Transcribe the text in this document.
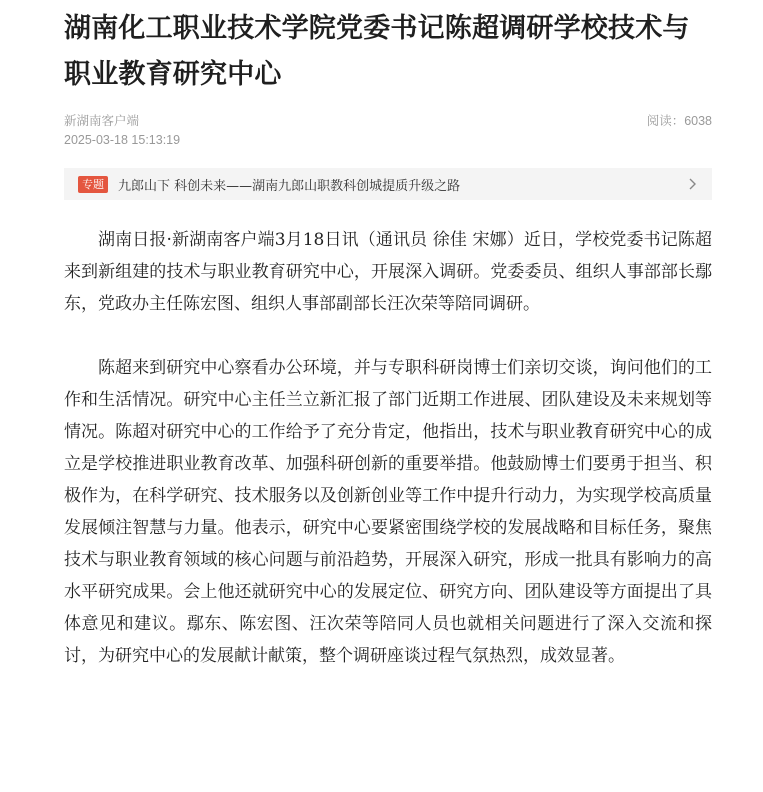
湖南化工职业技术学院党委书记陈超调研学校技术与职业教育研究中心
新湖南客户端
2025-03-18 15:13:19
阅读：6038
专题	九郎山下 科创未来——湖南九郎山职教科创城提质升级之路

湖南日报·新湖南客户端3月18日讯（通讯员 徐佳 宋娜）近日，学校党委书记陈超来到新组建的技术与职业教育研究中心，开展深入调研。党委委员、组织人事部部长鄢东，党政办主任陈宏图、组织人事部副部长汪次荣等陪同调研。

陈超来到研究中心察看办公环境，并与专职科研岗博士们亲切交谈，询问他们的工作和生活情况。研究中心主任兰立新汇报了部门近期工作进展、团队建设及未来规划等情况。陈超对研究中心的工作给予了充分肯定，他指出，技术与职业教育研究中心的成立是学校推进职业教育改革、加强科研创新的重要举措。他鼓励博士们要勇于担当、积极作为，在科学研究、技术服务以及创新创业等工作中提升行动力，为实现学校高质量发展倾注智慧与力量。他表示，研究中心要紧密围绕学校的发展战略和目标任务，聚焦技术与职业教育领域的核心问题与前沿趋势，开展深入研究，形成一批具有影响力的高水平研究成果。会上他还就研究中心的发展定位、研究方向、团队建设等方面提出了具体意见和建议。鄢东、陈宏图、汪次荣等陪同人员也就相关问题进行了深入交流和探讨，为研究中心的发展献计献策，整个调研座谈过程气氛热烈，成效显著。
